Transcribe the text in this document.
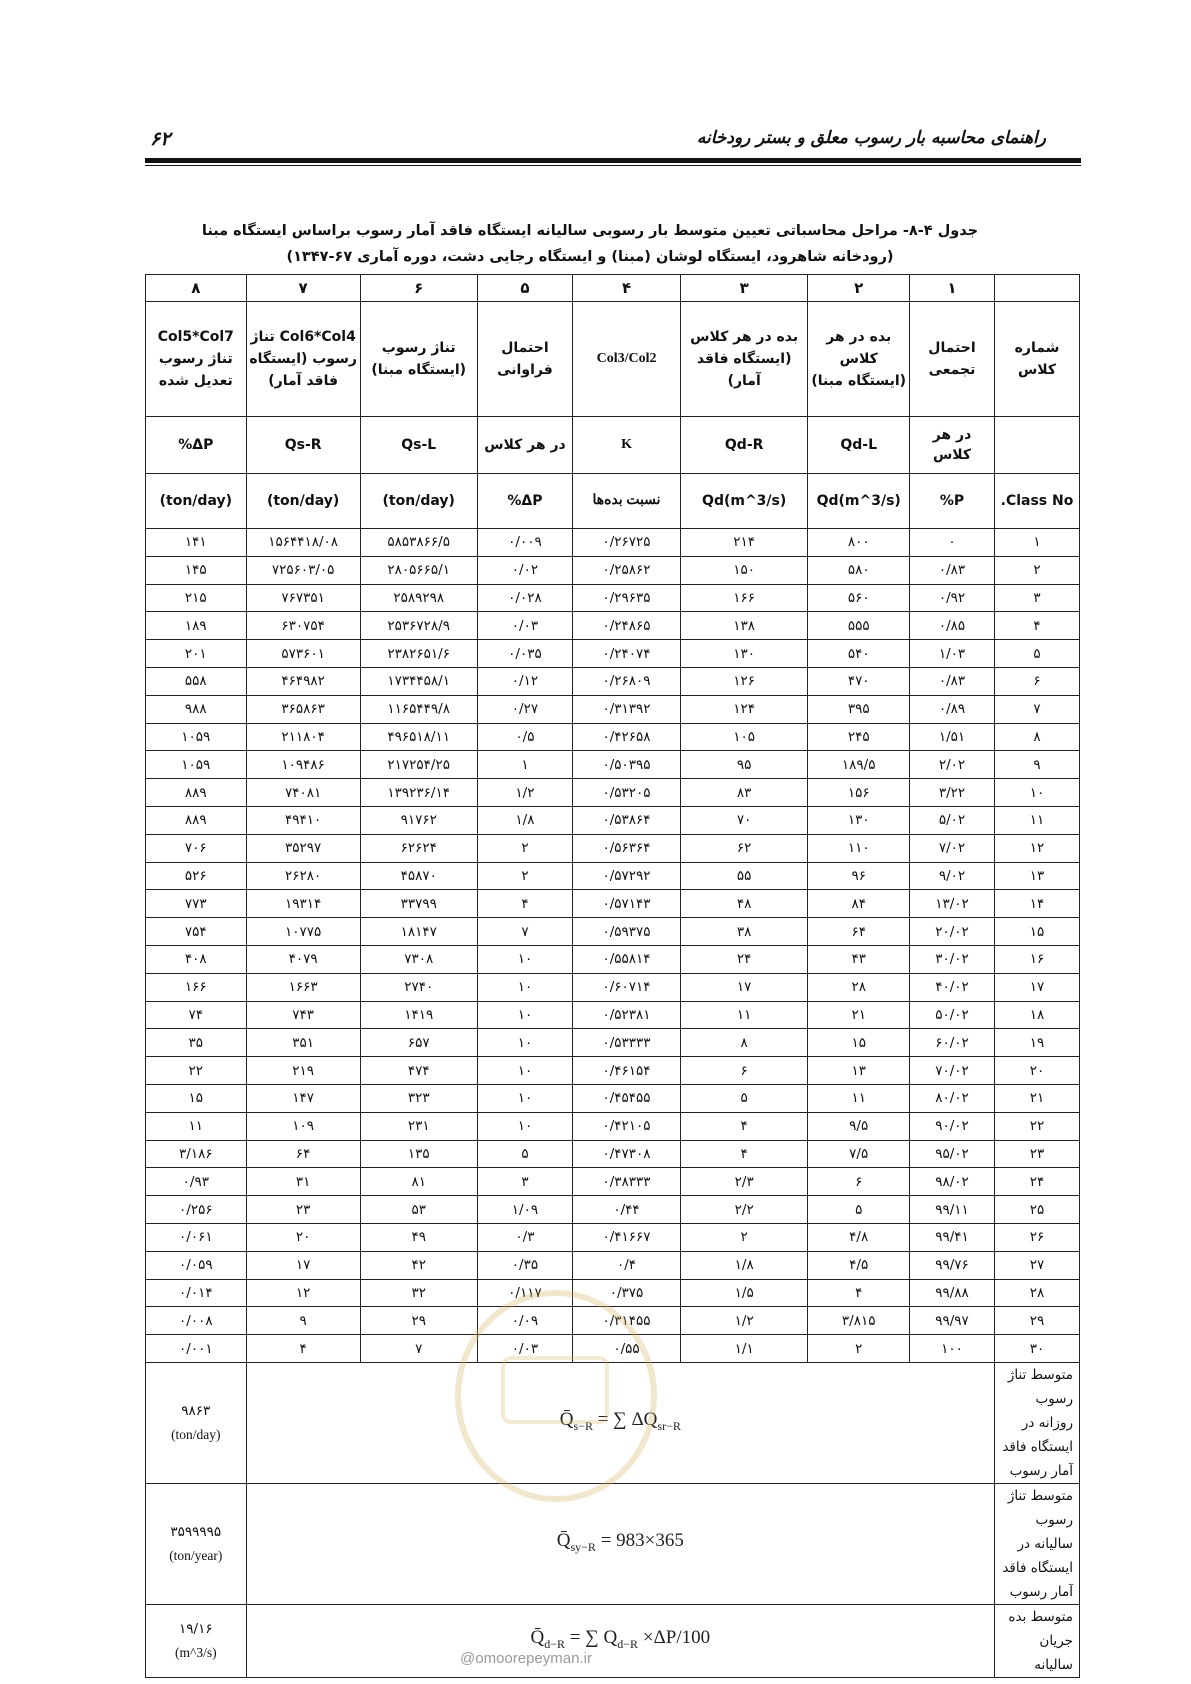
۶۲	راهنمای محاسبه بار رسوب معلق و بستر رودخانه
جدول ۴-۸- مراحل محاسباتی تعیین متوسط بار رسوبی سالیانه ایستگاه فاقد آمار رسوب براساس ایستگاه مبنا
(رودخانه شاهرود، ایستگاه لوشان (مبنا) و ایستگاه رجایی دشت، دوره آماری ۶۷-۱۳۴۷)
	۱	۲	۳	۴	۵	۶	۷	۸
شماره کلاس	احتمال تجمعی	بده در هر کلاس (ایستگاه مبنا)	بده در هر کلاس (ایستگاه فاقد آمار)	Col3/Col2	احتمال فراوانی	تناژ رسوب (ایستگاه مبنا)	Col6*Col4 تناژ رسوب (ایستگاه فاقد آمار)	Col5*Col7 تناژ رسوب تعدیل شده
	در هر کلاس	Qd-L	Qd-R	K	در هر کلاس	Qs-L	Qs-R	ΔP%
Class No.	P%	Qd(m^3/s)	Qd(m^3/s)	نسبت بده‌ها	ΔP%	(ton/day)	(ton/day)	(ton/day)
۱	۰	۸۰۰	۲۱۴	۰/۲۶۷۲۵	۰/۰۰۹	۵۸۵۳۸۶۶/۵	۱۵۶۴۴۱۸/۰۸	۱۴۱
۲	۰/۸۳	۵۸۰	۱۵۰	۰/۲۵۸۶۲	۰/۰۲	۲۸۰۵۶۶۵/۱	۷۲۵۶۰۳/۰۵	۱۴۵
۳	۰/۹۲	۵۶۰	۱۶۶	۰/۲۹۶۳۵	۰/۰۲۸	۲۵۸۹۲۹۸	۷۶۷۳۵۱	۲۱۵
۴	۰/۸۵	۵۵۵	۱۳۸	۰/۲۴۸۶۵	۰/۰۳	۲۵۳۶۷۲۸/۹	۶۳۰۷۵۴	۱۸۹
۵	۱/۰۳	۵۴۰	۱۳۰	۰/۲۴۰۷۴	۰/۰۳۵	۲۳۸۲۶۵۱/۶	۵۷۳۶۰۱	۲۰۱
۶	۰/۸۳	۴۷۰	۱۲۶	۰/۲۶۸۰۹	۰/۱۲	۱۷۳۴۴۵۸/۱	۴۶۴۹۸۲	۵۵۸
۷	۰/۸۹	۳۹۵	۱۲۴	۰/۳۱۳۹۲	۰/۲۷	۱۱۶۵۴۴۹/۸	۳۶۵۸۶۳	۹۸۸
۸	۱/۵۱	۲۴۵	۱۰۵	۰/۴۲۶۵۸	۰/۵	۴۹۶۵۱۸/۱۱	۲۱۱۸۰۴	۱۰۵۹
۹	۲/۰۲	۱۸۹/۵	۹۵	۰/۵۰۳۹۵	۱	۲۱۷۲۵۴/۲۵	۱۰۹۴۸۶	۱۰۵۹
۱۰	۳/۲۲	۱۵۶	۸۳	۰/۵۳۲۰۵	۱/۲	۱۳۹۲۳۶/۱۴	۷۴۰۸۱	۸۸۹
۱۱	۵/۰۲	۱۳۰	۷۰	۰/۵۳۸۶۴	۱/۸	۹۱۷۶۲	۴۹۴۱۰	۸۸۹
۱۲	۷/۰۲	۱۱۰	۶۲	۰/۵۶۳۶۴	۲	۶۲۶۲۴	۳۵۲۹۷	۷۰۶
۱۳	۹/۰۲	۹۶	۵۵	۰/۵۷۲۹۲	۲	۴۵۸۷۰	۲۶۲۸۰	۵۲۶
۱۴	۱۳/۰۲	۸۴	۴۸	۰/۵۷۱۴۳	۴	۳۳۷۹۹	۱۹۳۱۴	۷۷۳
۱۵	۲۰/۰۲	۶۴	۳۸	۰/۵۹۳۷۵	۷	۱۸۱۴۷	۱۰۷۷۵	۷۵۴
۱۶	۳۰/۰۲	۴۳	۲۴	۰/۵۵۸۱۴	۱۰	۷۳۰۸	۴۰۷۹	۴۰۸
۱۷	۴۰/۰۲	۲۸	۱۷	۰/۶۰۷۱۴	۱۰	۲۷۴۰	۱۶۶۳	۱۶۶
۱۸	۵۰/۰۲	۲۱	۱۱	۰/۵۲۳۸۱	۱۰	۱۴۱۹	۷۴۳	۷۴
۱۹	۶۰/۰۲	۱۵	۸	۰/۵۳۳۳۳	۱۰	۶۵۷	۳۵۱	۳۵
۲۰	۷۰/۰۲	۱۳	۶	۰/۴۶۱۵۴	۱۰	۴۷۴	۲۱۹	۲۲
۲۱	۸۰/۰۲	۱۱	۵	۰/۴۵۴۵۵	۱۰	۳۲۳	۱۴۷	۱۵
۲۲	۹۰/۰۲	۹/۵	۴	۰/۴۲۱۰۵	۱۰	۲۳۱	۱۰۹	۱۱
۲۳	۹۵/۰۲	۷/۵	۴	۰/۴۷۳۰۸	۵	۱۳۵	۶۴	۳/۱۸۶
۲۴	۹۸/۰۲	۶	۲/۳	۰/۳۸۳۳۳	۳	۸۱	۳۱	۰/۹۳
۲۵	۹۹/۱۱	۵	۲/۲	۰/۴۴	۱/۰۹	۵۳	۲۳	۰/۲۵۶
۲۶	۹۹/۴۱	۴/۸	۲	۰/۴۱۶۶۷	۰/۳	۴۹	۲۰	۰/۰۶۱
۲۷	۹۹/۷۶	۴/۵	۱/۸	۰/۴	۰/۳۵	۴۲	۱۷	۰/۰۵۹
۲۸	۹۹/۸۸	۴	۱/۵	۰/۳۷۵	۰/۱۱۷	۳۲	۱۲	۰/۰۱۴
۲۹	۹۹/۹۷	۳/۸۱۵	۱/۲	۰/۳۱۴۵۵	۰/۰۹	۲۹	۹	۰/۰۰۸
۳۰	۱۰۰	۲	۱/۱	۰/۵۵	۰/۰۳	۷	۴	۰/۰۰۱
متوسط تناژ رسوب روزانه در ایستگاه فاقد آمار رسوب	$Q̄_{s-R}$ = ∑ $\Delta Q_{sr-R}$							۹۸۶۳
(ton/day)

متوسط تناژ رسوب سالیانه در ایستگاه فاقد آمار رسوب	$Q̄_{sy-R} = 983\times 365$							۳۵۹۹۹۹۵
(ton/year)

متوسط بده جریان سالیانه	$Q̄_{d-R}$ = ∑ $Q_{d-R} \times\Delta P/100$							۱۹/۱۶
(m^3/s)	@omoorepeyman.ir
